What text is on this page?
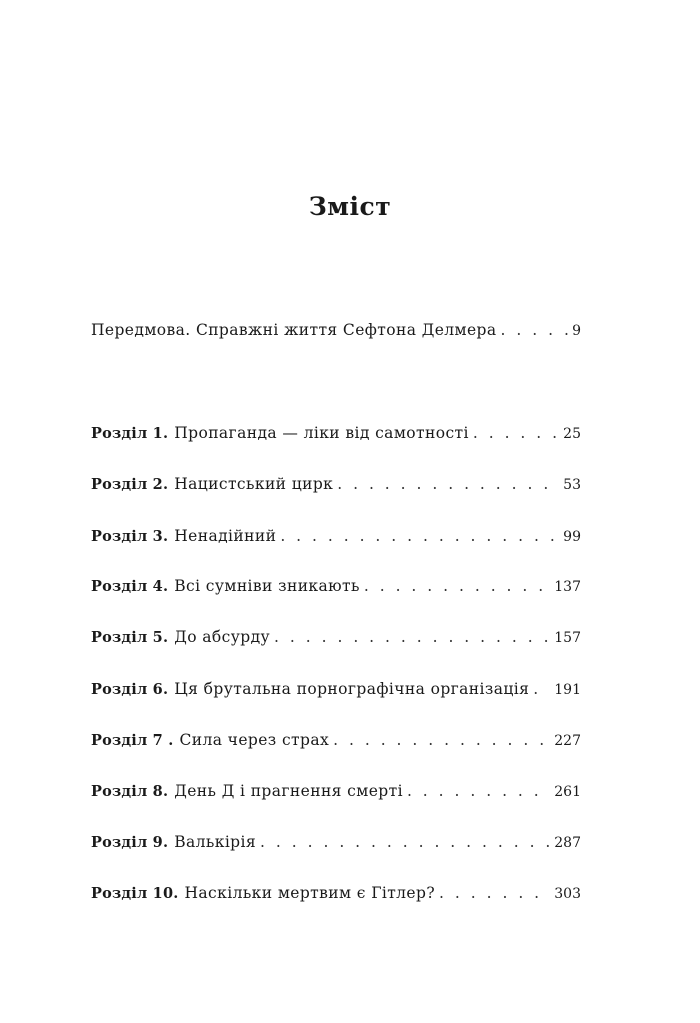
Зміст
Передмова. Справжні життя Сефтона Делмера . . .	9
Розділ 1. Пропаганда — ліки від самотності . . .	25
Розділ 2. Нацистський цирк . . .	53
Розділ 3. Ненадійний . . .	99
Розділ 4. Всі сумніви зникають . . .	137
Розділ 5. До абсурду . . .	157
Розділ 6. Ця брутальна порнографічна організація . . . 191
Розділ 7 . Сила через страх . . .	227
Розділ 8. День Д і прагнення смерті . . .	261
Розділ 9. Валькірія . . .	287
Розділ 10. Наскільки мертвим є Гітлер? . . .	303
